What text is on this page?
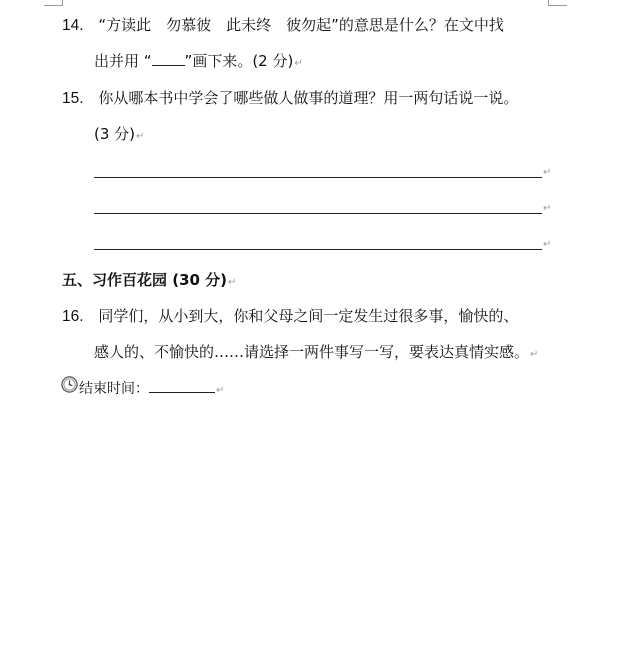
14. “方读此　勿慕彼　此未终　彼勿起”的意思是什么？在文中找
出并用 “ ”画下来。(2 分)↵
15. 你从哪本书中学会了哪些做人做事的道理？用一两句话说一说。
(3 分)↵
↵
↵
↵
五、习作百花园 (30 分)↵
16. 同学们，从小到大，你和父母之间一定发生过很多事，愉快的、
感人的、不愉快的……请选择一两件事写一写，要表达真情实感。↵
结束时间：	↵
